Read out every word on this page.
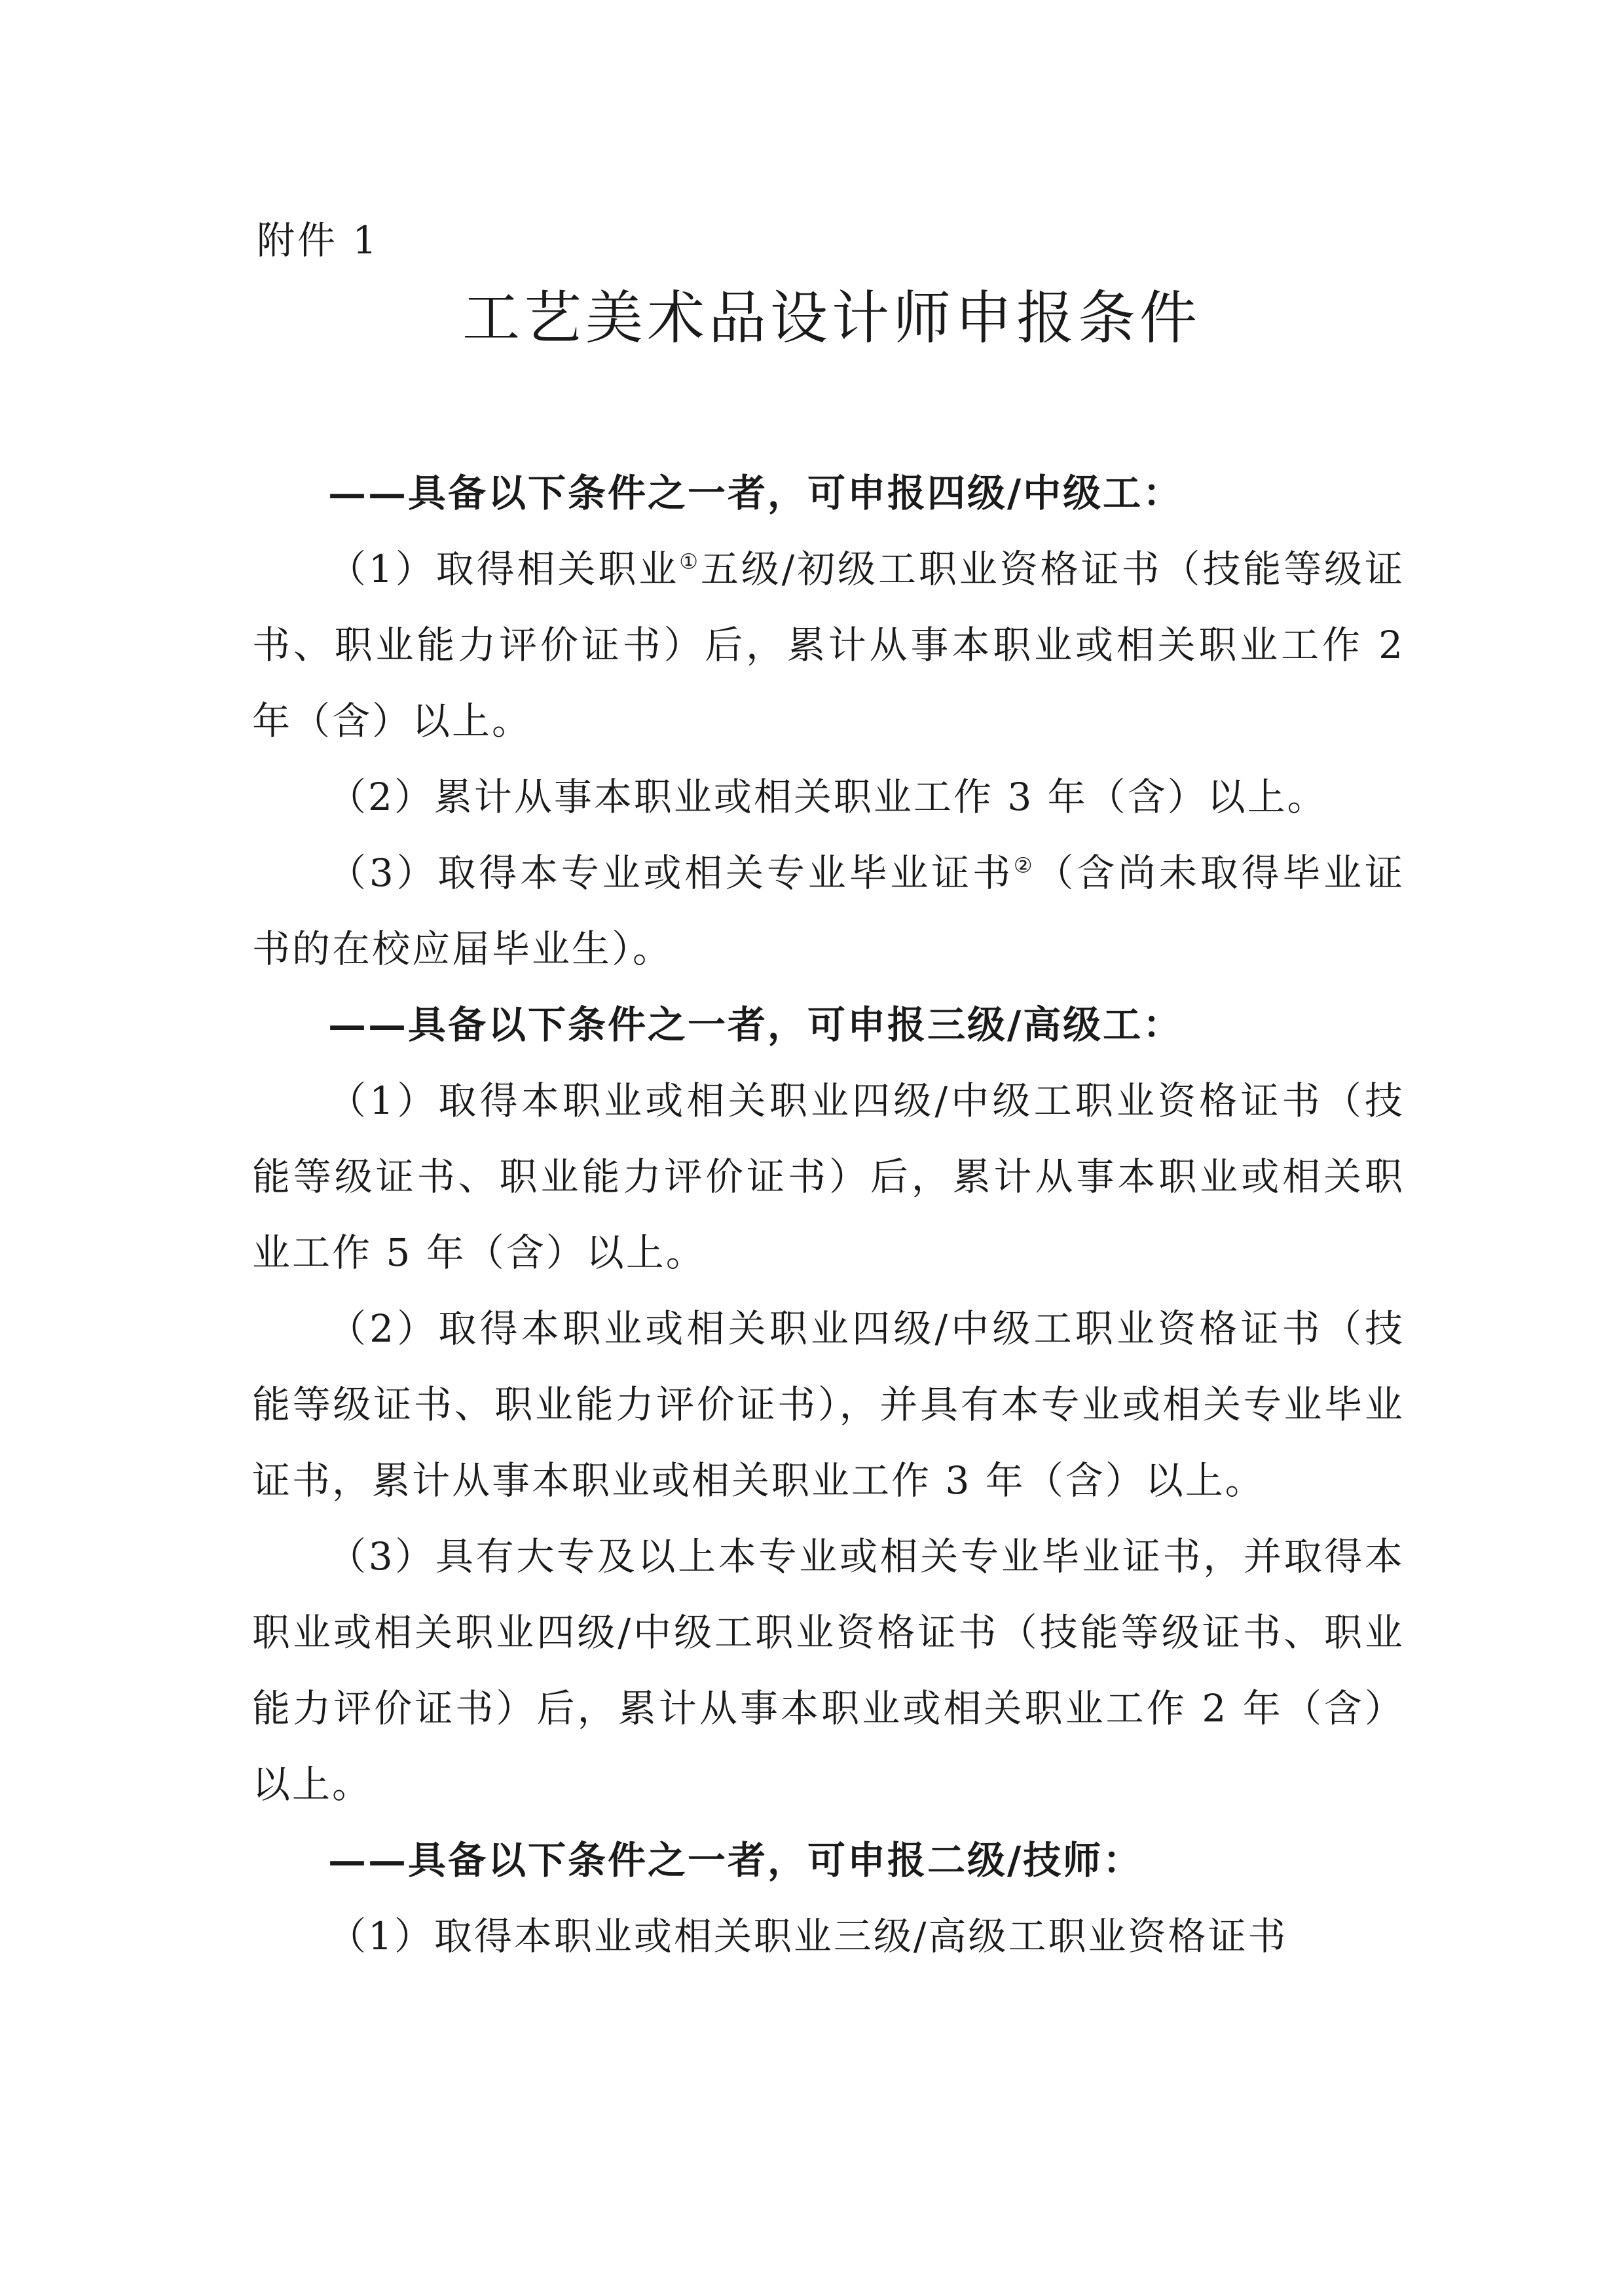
附件 1
工艺美术品设计师申报条件

——具备以下条件之一者，可申报四级/中级工：

（1）取得相关职业①五级/初级工职业资格证书（技能等级证书、职业能力评价证书）后，累计从事本职业或相关职业工作 2 年（含）以上。

（2）累计从事本职业或相关职业工作 3 年（含）以上。

（3）取得本专业或相关专业毕业证书②（含尚未取得毕业证书的在校应届毕业生）。

——具备以下条件之一者，可申报三级/高级工：

（1）取得本职业或相关职业四级/中级工职业资格证书（技能等级证书、职业能力评价证书）后，累计从事本职业或相关职业工作 5 年（含）以上。

（2）取得本职业或相关职业四级/中级工职业资格证书（技能等级证书、职业能力评价证书），并具有本专业或相关专业毕业证书，累计从事本职业或相关职业工作 3 年（含）以上。

（3）具有大专及以上本专业或相关专业毕业证书，并取得本职业或相关职业四级/中级工职业资格证书（技能等级证书、职业能力评价证书）后，累计从事本职业或相关职业工作 2 年（含）以上。

——具备以下条件之一者，可申报二级/技师：

（1）取得本职业或相关职业三级/高级工职业资格证书
